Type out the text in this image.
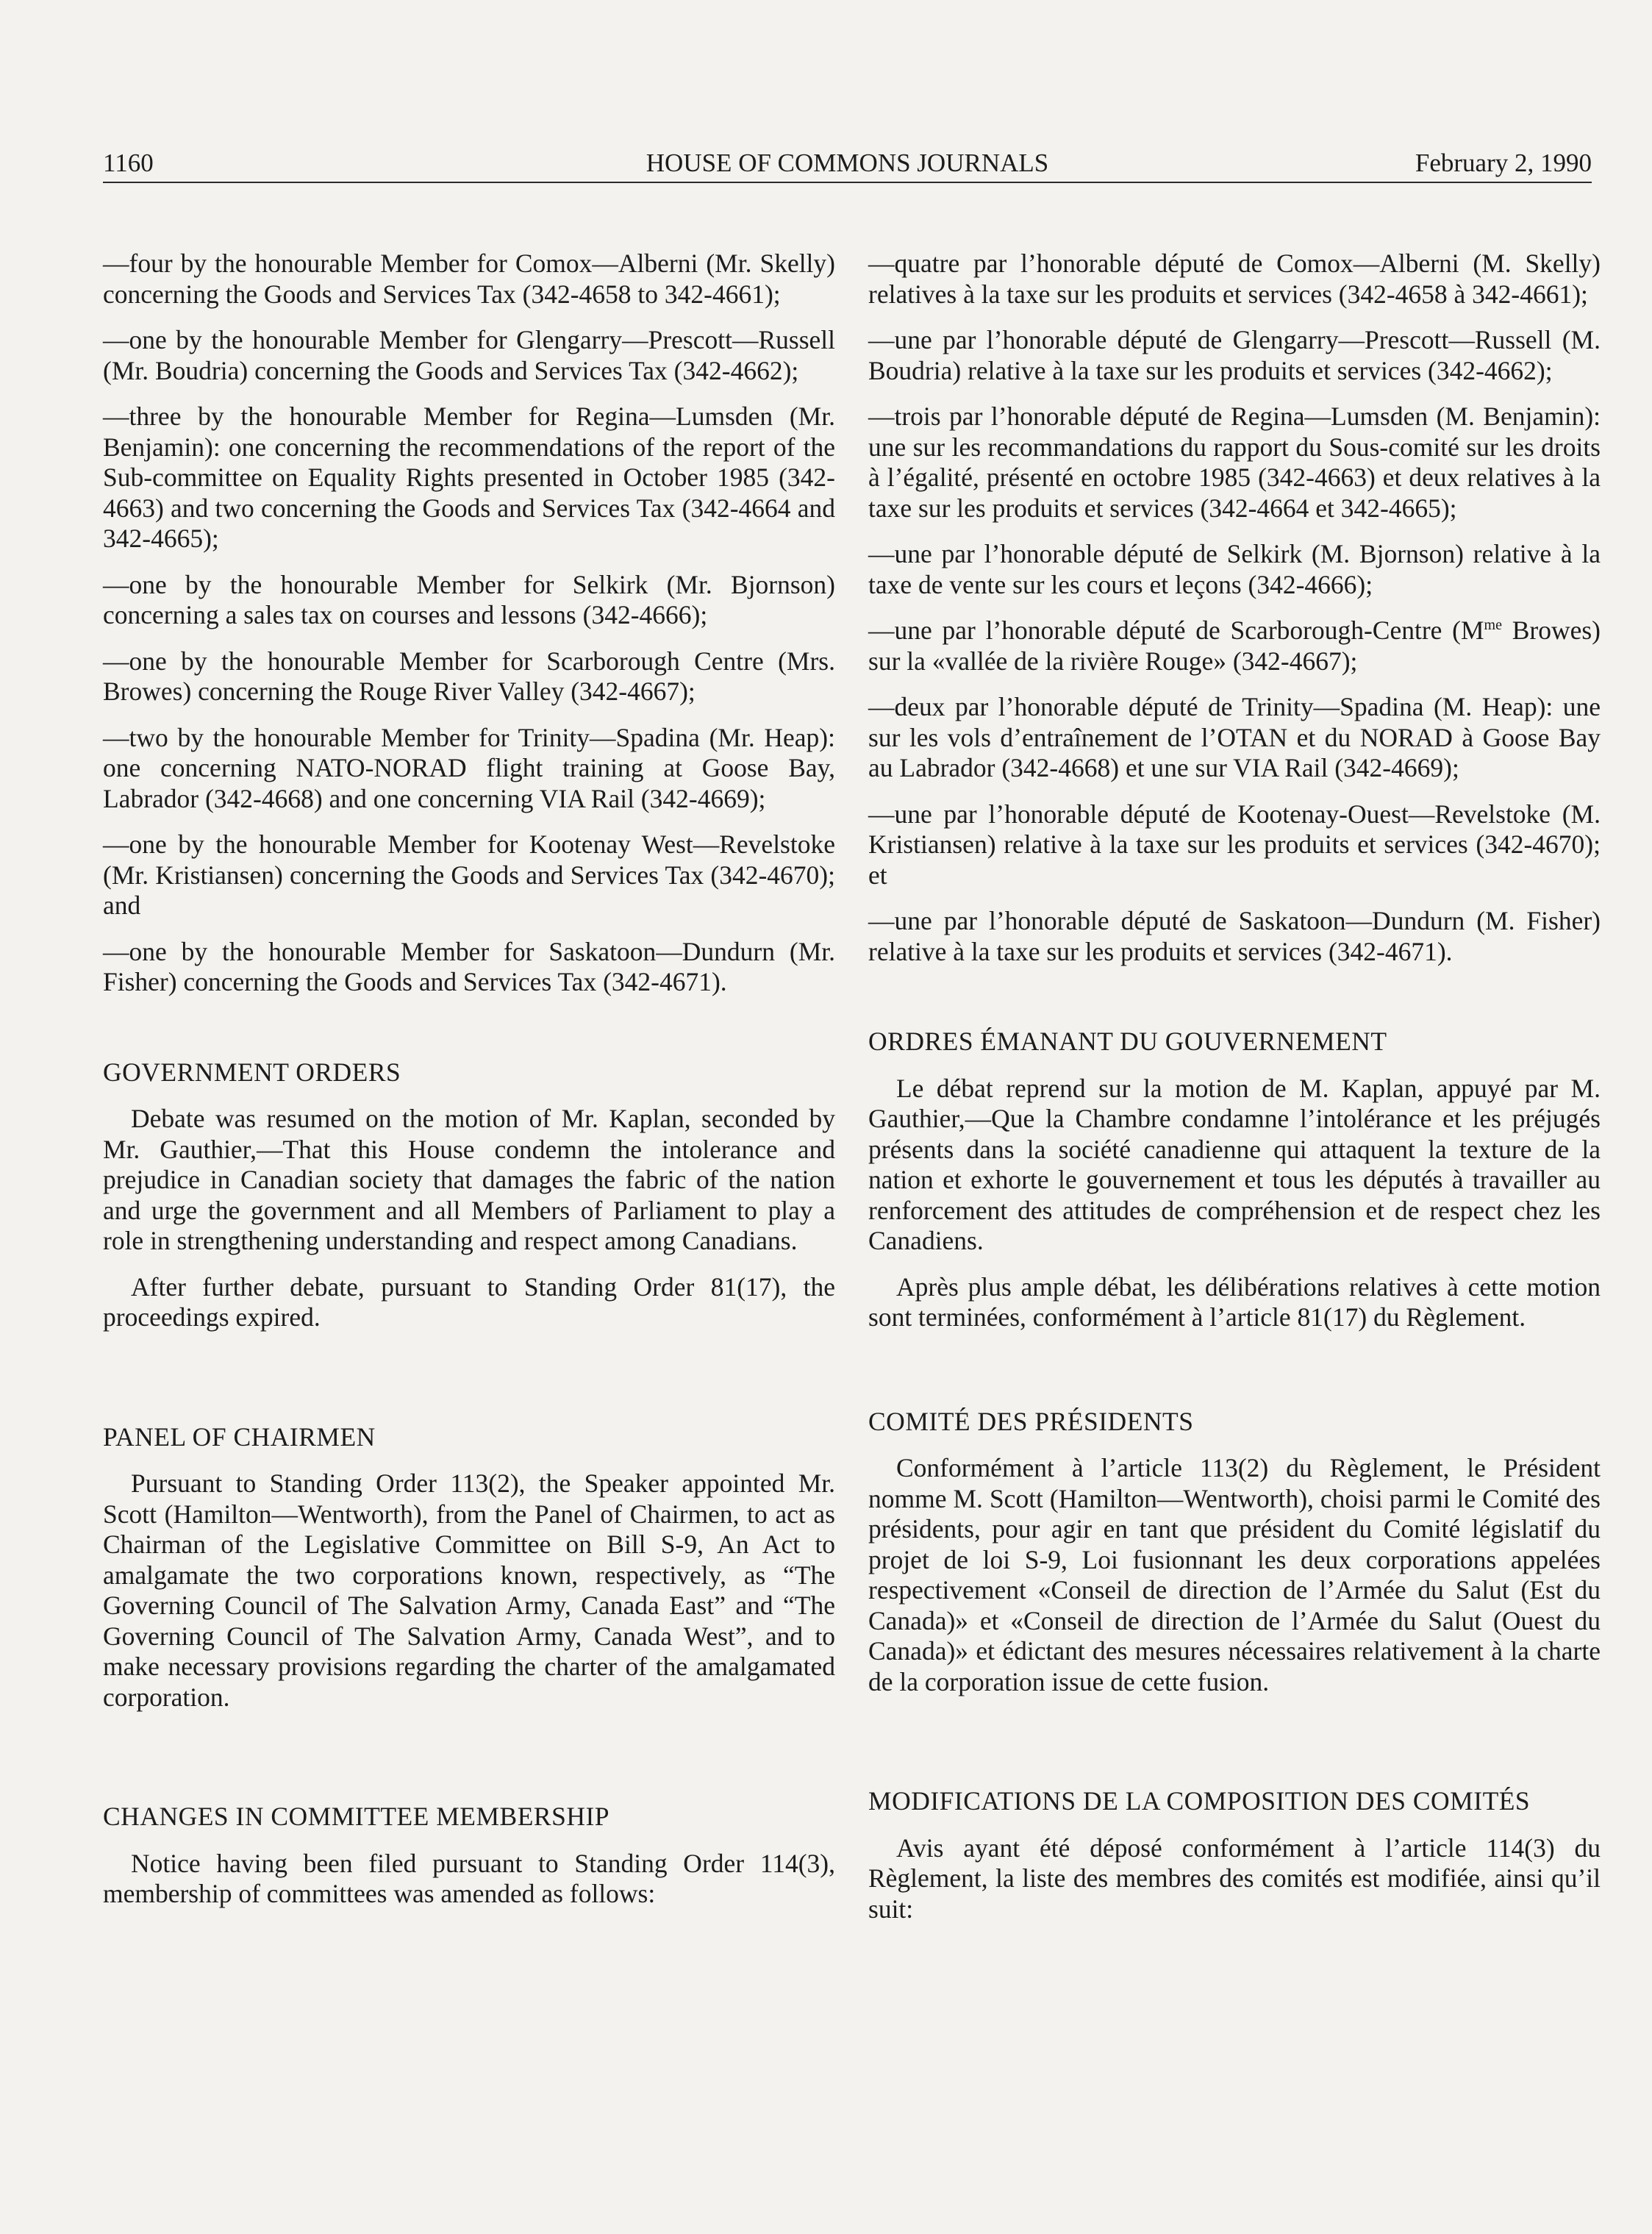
1160	HOUSE OF COMMONS JOURNALS	February 2, 1990

—four by the honourable Member for Comox—Alberni (Mr. Skelly) concerning the Goods and Services Tax (342-4658 to 342-4661);

—one by the honourable Member for Glengarry—Prescott—Russell (Mr. Boudria) concerning the Goods and Services Tax (342-4662);

—three by the honourable Member for Regina—Lumsden (Mr. Benjamin): one concerning the recommendations of the report of the Sub-committee on Equality Rights presented in October 1985 (342-4663) and two concerning the Goods and Services Tax (342-4664 and 342-4665);

—one by the honourable Member for Selkirk (Mr. Bjornson) concerning a sales tax on courses and lessons (342-4666);

—one by the honourable Member for Scarborough Centre (Mrs. Browes) concerning the Rouge River Valley (342-4667);

—two by the honourable Member for Trinity—Spadina (Mr. Heap): one concerning NATO-NORAD flight training at Goose Bay, Labrador (342-4668) and one concerning VIA Rail (342-4669);

—one by the honourable Member for Kootenay West—Revelstoke (Mr. Kristiansen) concerning the Goods and Services Tax (342-4670); and

—one by the honourable Member for Saskatoon—Dundurn (Mr. Fisher) concerning the Goods and Services Tax (342-4671).

GOVERNMENT ORDERS

Debate was resumed on the motion of Mr. Kaplan, seconded by Mr. Gauthier,—That this House condemn the intolerance and prejudice in Canadian society that damages the fabric of the nation and urge the government and all Members of Parliament to play a role in strengthening understanding and respect among Canadians.

After further debate, pursuant to Standing Order 81(17), the proceedings expired.

PANEL OF CHAIRMEN

Pursuant to Standing Order 113(2), the Speaker appointed Mr. Scott (Hamilton—Wentworth), from the Panel of Chairmen, to act as Chairman of the Legislative Committee on Bill S-9, An Act to amalgamate the two corporations known, respectively, as “The Governing Council of The Salvation Army, Canada East” and “The Governing Council of The Salvation Army, Canada West”, and to make necessary provisions regarding the charter of the amalgamated corporation.

CHANGES IN COMMITTEE MEMBERSHIP

Notice having been filed pursuant to Standing Order 114(3), membership of committees was amended as follows:

—quatre par l’honorable député de Comox—Alberni (M. Skelly) relatives à la taxe sur les produits et services (342-4658 à 342-4661);

—une par l’honorable député de Glengarry—Prescott—Russell (M. Boudria) relative à la taxe sur les produits et services (342-4662);

—trois par l’honorable député de Regina—Lumsden (M. Benjamin): une sur les recommandations du rapport du Sous-comité sur les droits à l’égalité, présenté en octobre 1985 (342-4663) et deux relatives à la taxe sur les produits et services (342-4664 et 342-4665);

—une par l’honorable député de Selkirk (M. Bjornson) relative à la taxe de vente sur les cours et leçons (342-4666);

—une par l’honorable député de Scarborough-Centre ($M^{me}$ Browes) sur la «vallée de la rivière Rouge» (342-4667);

—deux par l’honorable député de Trinity—Spadina (M. Heap): une sur les vols d’entraînement de l’OTAN et du NORAD à Goose Bay au Labrador (342-4668) et une sur VIA Rail (342-4669);

—une par l’honorable député de Kootenay-Ouest—Revelstoke (M. Kristiansen) relative à la taxe sur les produits et services (342-4670); et

—une par l’honorable député de Saskatoon—Dundurn (M. Fisher) relative à la taxe sur les produits et services (342-4671).

ORDRES ÉMANANT DU GOUVERNEMENT

Le débat reprend sur la motion de M. Kaplan, appuyé par M. Gauthier,—Que la Chambre condamne l’intolérance et les préjugés présents dans la société canadienne qui attaquent la texture de la nation et exhorte le gouvernement et tous les députés à travailler au renforcement des attitudes de compréhension et de respect chez les Canadiens.

Après plus ample débat, les délibérations relatives à cette motion sont terminées, conformément à l’article 81(17) du Règlement.

COMITÉ DES PRÉSIDENTS

Conformément à l’article 113(2) du Règlement, le Président nomme M. Scott (Hamilton—Wentworth), choisi parmi le Comité des présidents, pour agir en tant que président du Comité législatif du projet de loi S-9, Loi fusionnant les deux corporations appelées respectivement «Conseil de direction de l’Armée du Salut (Est du Canada)» et «Conseil de direction de l’Armée du Salut (Ouest du Canada)» et édictant des mesures nécessaires relativement à la charte de la corporation issue de cette fusion.

MODIFICATIONS DE LA COMPOSITION DES COMITÉS

Avis ayant été déposé conformément à l’article 114(3) du Règlement, la liste des membres des comités est modifiée, ainsi qu’il suit:
